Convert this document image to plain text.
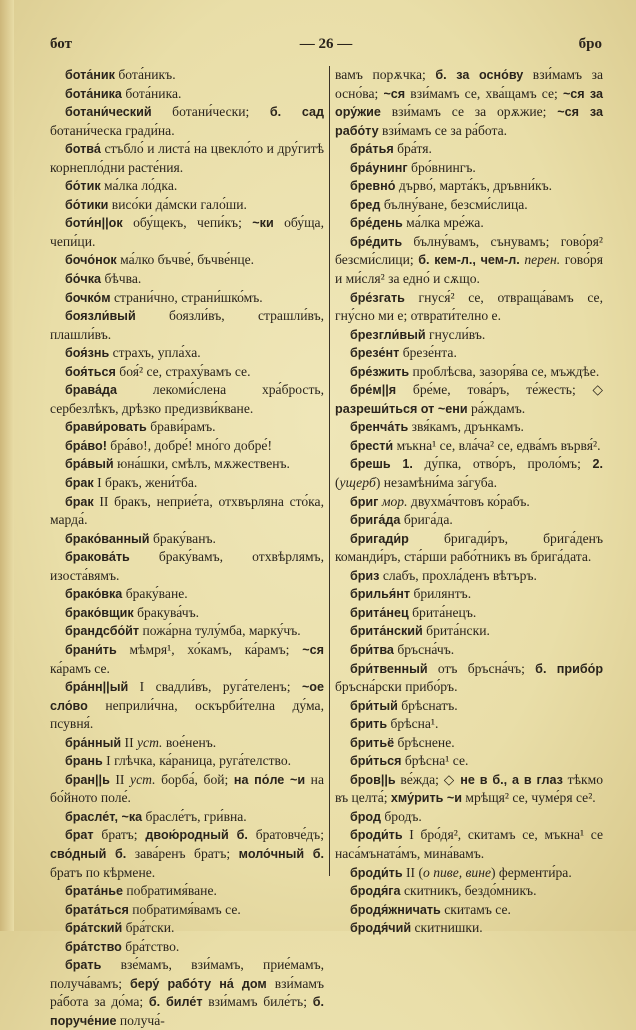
бот	— 26 —	бро

бота́ник бота́никъ.

бота́ника бота́ника.

ботани́ческий ботани́чески; б. сад ботани́ческа гради́на.

ботва́ стъбло́ и листа́ на цвекло́то и дру́гитѣ корнепло́дни расте́ния.

бо́тик ма́лка ло́дка.

бо́тики висо́ки да́мски гало́ши.

боти́н||ок обу́щекъ, чепи́къ; ~ки обу́ща, чепи́ци.

бочо́нок ма́лко бъчве́, бъчве́нце.

бо́чка бѣчва.

бочко́м страни́чно, страни́шко́мъ.

боязли́вый боязли́въ, страшли́въ, плашли́въ.

боя́знь страхъ, упла́ха.

боя́ться боя́² се, страху́вамъ се.

брава́да лекоми́слена хра́брость, сербезлѣкъ, дрѣзко предизви́кване.

брави́ровать брави́рамъ.

бра́во! бра́во!, добре́! мно́го добре́!

бра́вый юна́шки, смѣлъ, мѫжественъ.

брак I бракъ, жени́тба.

брак II бракъ, неприе́та, отхвърляна сто́ка, марда́.

брако́ванный браку́ванъ.

бракова́ть браку́вамъ, отхвѣрлямъ, изоста́вямъ.

брако́вка браку́ване.

брако́вщик бракува́чъ.

брандсбо́йт пожа́рна тулу́мба, марку́чъ.

брани́ть мѣмря¹, хо́камъ, ка́рамъ; ~ся ка́рамъ се.

бра́нн||ый I свадли́въ, руга́теленъ; ~ое сло́во неприли́чна, оскърби́телна ду́ма, псувня́.

бра́нный II уст. вое́ненъ.

брань I глѣчка, ка́раница, руга́телство.

бран||ь II уст. борба́, бой; на по́ле ~и на бо́йното поле́.

брасле́т, ~ка брасле́тъ, гри́вна.

брат братъ; двою́родный б. братовче́дъ; сво́дный б. зава́ренъ братъ; моло́чный б. братъ по кѣрмене.

брата́нье побратимя́ване.

брата́ться побратимя́вамъ се.

бра́тский бра́тски.

бра́тство бра́тство.

брать взе́мамъ, взи́мамъ, прие́мамъ, получа́вамъ; беру́ рабо́ту на́ дом взи́мамъ ра́бота за до́ма; б. биле́т взи́мамъ биле́тъ; б. поруче́ние получа́-

вамъ порѫчка; б. за осно́ву взи́мамъ за осно́ва; ~ся взи́мамъ се, хва́щамъ се; ~ся за ору́жие взи́мамъ се за орѫжие; ~ся за рабо́ту взи́мамъ се за ра́бота.

бра́тья бра́тя.

бра́унинг бро́внингъ.

бревно́ дърво́, марта́къ, дръвни́къ.

бред бълну́ване, безсми́слица.

бре́день ма́лка мре́жа.

бре́дить бълну́вамъ, сънувамъ; гово́ря² безсми́слици; б. кем-л., чем-л. перен. гово́ря и ми́сля² за едно́ и сѫщо.

бре́згать гнуся́² се, отвраща́вамъ се, гну́сно ми е; отврати́телно е.

брезгли́вый гнусли́въ.

брезе́нт брезе́нта.

бре́зжить проблѣсва, зазоря́ва се, мъждѣе.

бре́м||я бре́ме, това́ръ, те́жесть; ◇ разреши́ться от ~ени ра́ждамъ.

бренча́ть звя́камъ, дрънкамъ.

брести́ мъкна¹ се, вла́ча² се, едва́мъ вървя́².

брешь 1. ду́пка, отво́ръ, проло́мъ; 2. (ущерб) незамѣни́ма за́губа.

бриг мор. двухма́чтовъ ко́рабъ.

брига́да брига́да.

бригади́р бригади́ръ, брига́денъ команди́ръ, ста́рши рабо́тникъ въ брига́дата.

бриз слабъ, прохла́денъ вѣтъръ.

брилья́нт брилянтъ.

брита́нец брита́нецъ.

брита́нский брита́нски.

бри́тва бръсна́чъ.

бри́твенный отъ бръсна́чъ; б. прибо́р бръсна́рски прибо́ръ.

бри́тый брѣснатъ.

брить брѣсна¹.

бритьё брѣснене.

бри́ться брѣсна¹ се.

бров||ь ве́жда; ◇ не в б., а в глаз тѣкмо въ целта́; хму́рить ~и мрѣщя² се, чуме́ря се².

брод бродъ.

броди́ть I бро́дя², скитамъ се, мъкна¹ се наса́мъната́мъ, мина́вамъ.

броди́ть II (о пиве, вине) ферменти́ра.

бродя́га скитникъ, бездо́мникъ.

бродя́жничать скитамъ се.

бродя́чий скитнишки.
